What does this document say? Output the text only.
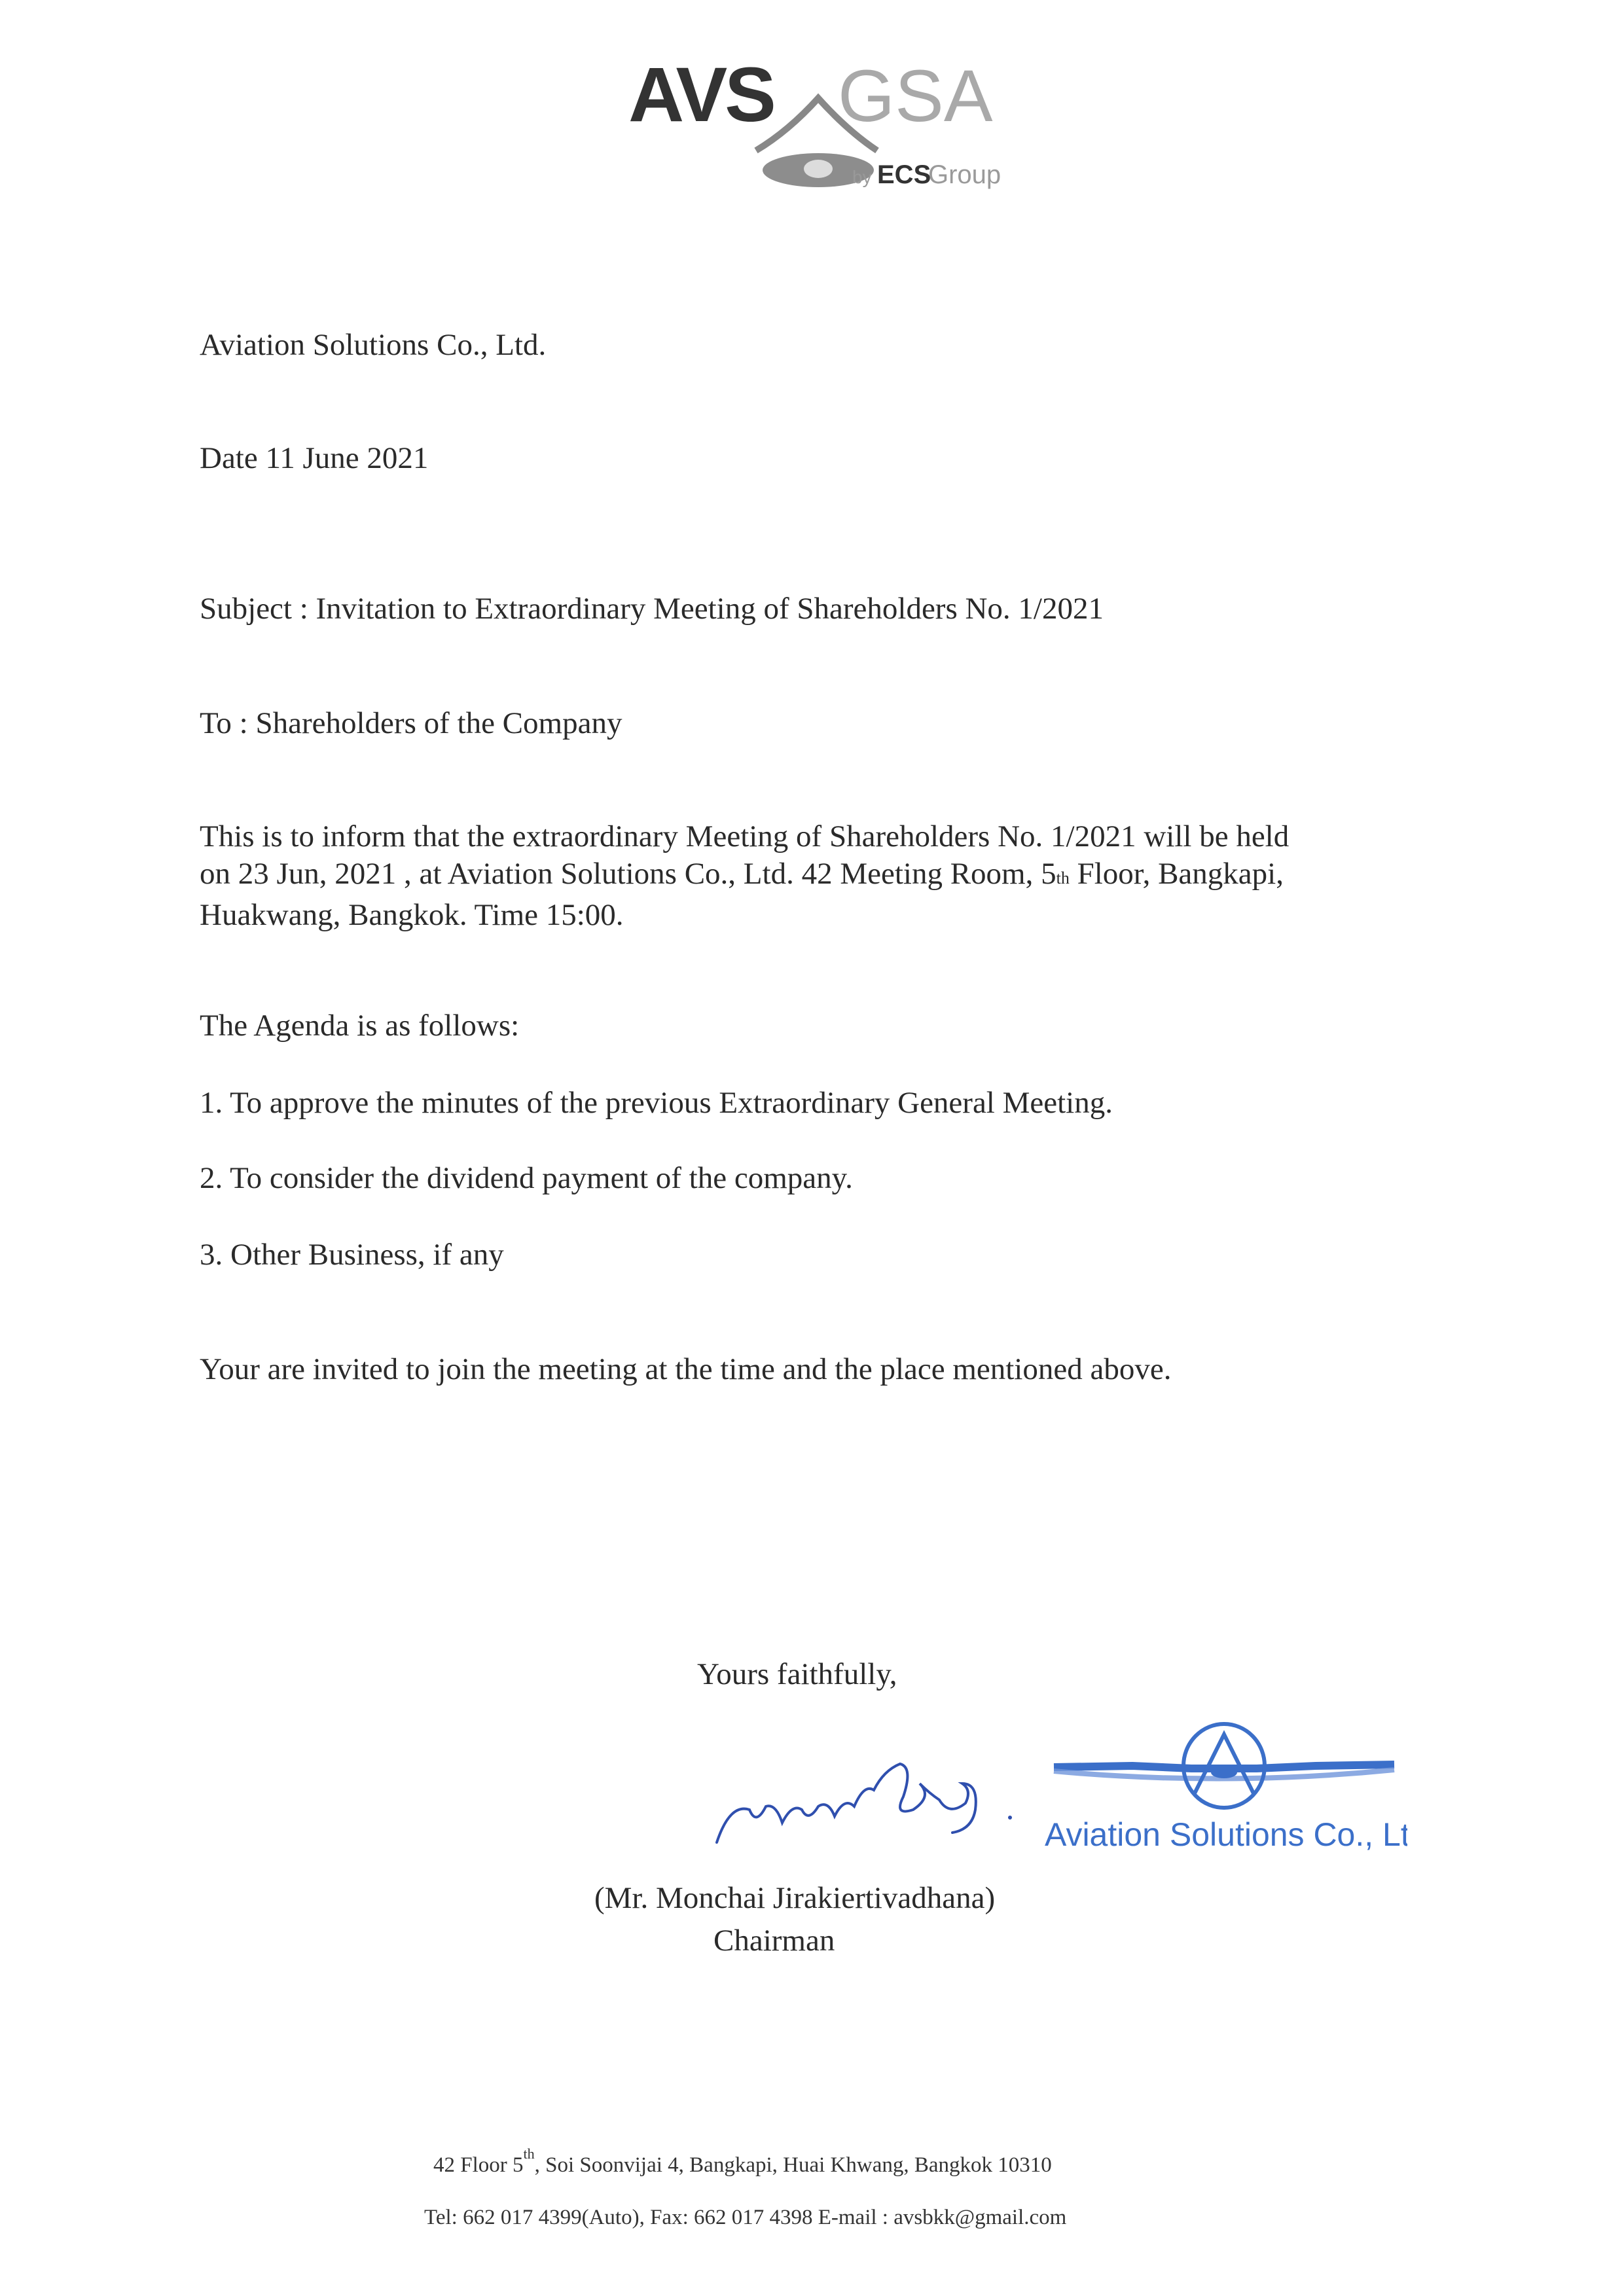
AVS GSA
by ECS
Group
Aviation Solutions Co., Ltd.
Date 11 June 2021
Subject : Invitation to Extraordinary Meeting of Shareholders No. 1/2021
To : Shareholders of the Company
This is to inform that the extraordinary Meeting of Shareholders No. 1/2021 will be held
on 23 Jun, 2021 , at Aviation Solutions Co., Ltd. 42 Meeting Room, 5th Floor, Bangkapi,
Huakwang, Bangkok. Time 15:00.
The Agenda is as follows:
1. To approve the minutes of the previous Extraordinary General Meeting.
2. To consider the dividend payment of the company.
3. Other Business, if any
Your are invited to join the meeting at the time and the place mentioned above.
Yours faithfully,
Aviation Solutions Co., Ltd.
(Mr. Monchai Jirakiertivadhana)
Chairman
42 Floor 5th, Soi Soonvijai 4, Bangkapi, Huai Khwang, Bangkok 10310
Tel: 662 017 4399(Auto), Fax: 662 017 4398 E-mail : avsbkk@gmail.com
